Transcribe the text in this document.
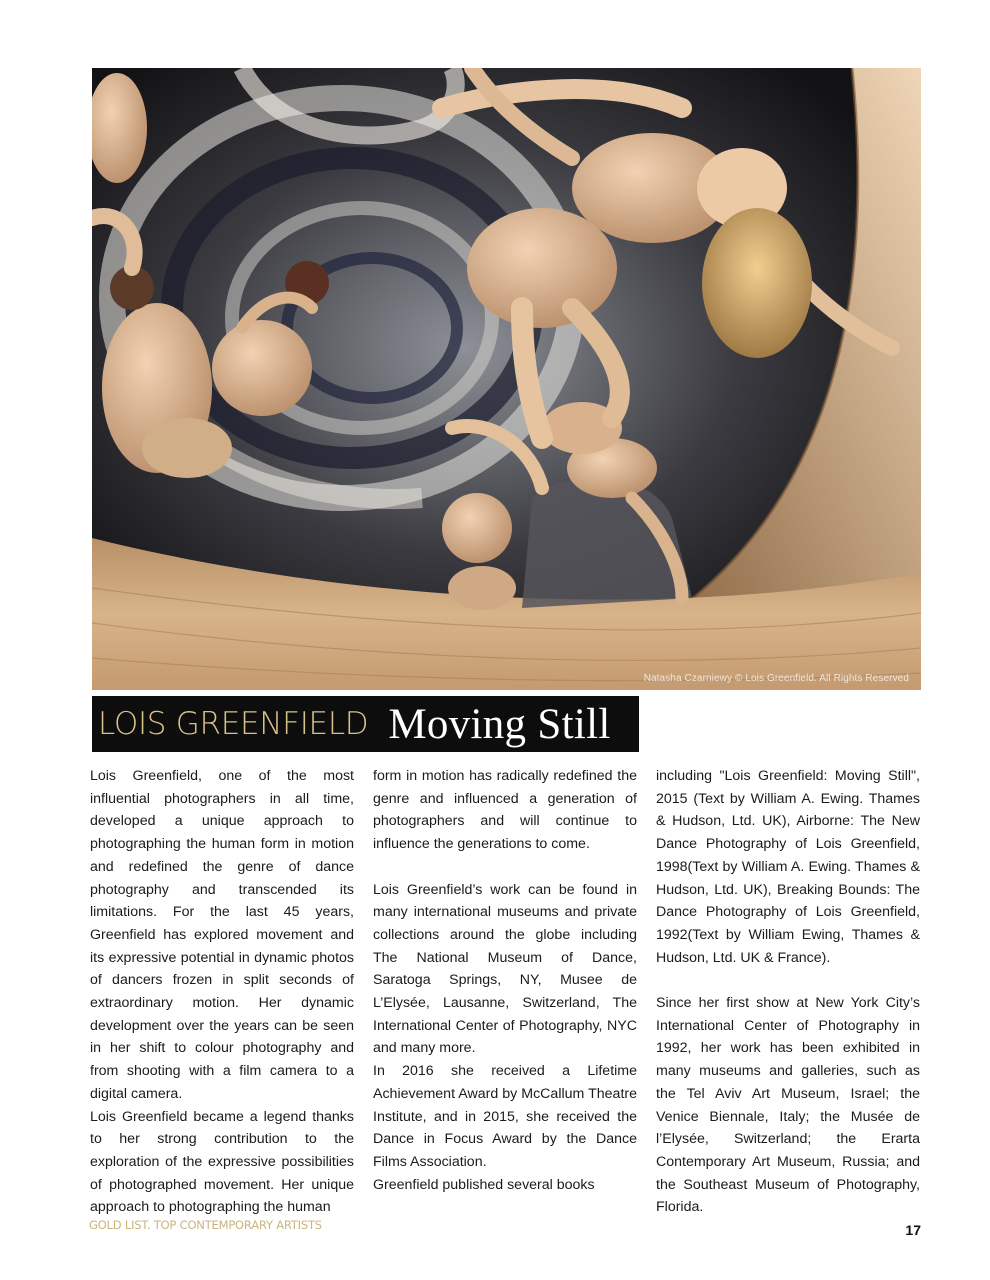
Natasha Czarniewy © Lois Greenfield. All Rights Reserved
LOIS GREENFIELD Moving Still

Lois Greenfield, one of the most influential photographers in all time, developed a unique approach to photographing the human form in motion and redefined the genre of dance photography and transcended its limitations. For the last 45 years, Greenfield has explored movement and its expressive potential in dynamic photos of dancers frozen in split seconds of extraordinary motion. Her dynamic development over the years can be seen in her shift to colour photography and from shooting with a film camera to a digital camera.

Lois Greenfield became a legend thanks to her strong contribution to the exploration of the expressive possibilities of photographed movement. Her unique approach to photographing the human

form in motion has radically redefined the genre and influenced a generation of photographers and will continue to influence the generations to come.

Lois Greenfield’s work can be found in many international museums and private collections around the globe including The National Museum of Dance, Saratoga Springs, NY, Musee de L’Elysée, Lausanne, Switzerland, The International Center of Photography, NYC and many more.

In 2016 she received a Lifetime Achievement Award by McCallum Theatre Institute, and in 2015, she received the Dance in Focus Award by the Dance Films Association.

Greenfield published several books

including "Lois Greenfield: Moving Still", 2015 (Text by William A. Ewing. Thames & Hudson, Ltd. UK), Airborne: The New Dance Photography of Lois Greenfield, 1998(Text by William A. Ewing. Thames & Hudson, Ltd. UK), Breaking Bounds: The Dance Photography of Lois Greenfield, 1992(Text by William Ewing, Thames & Hudson, Ltd. UK & France).

Since her first show at New York City’s International Center of Photography in 1992, her work has been exhibited in many museums and galleries, such as the Tel Aviv Art Museum, Israel; the Venice Biennale, Italy; the Musée de l’Elysée, Switzerland; the Erarta Contemporary Art Museum, Russia; and the Southeast Museum of Photography, Florida.

GOLD LIST. TOP CONTEMPORARY ARTISTS	17
